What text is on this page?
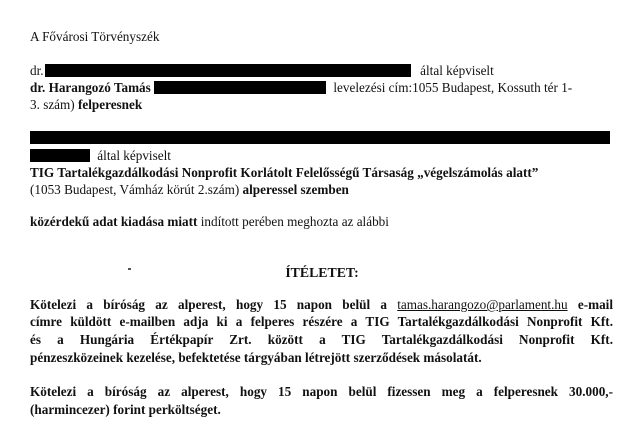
A Fővárosi Törvényszék
dr.	által képviselt
dr. Harangozó Tamás	levelezési cím:1055 Budapest, Kossuth tér 1-
3. szám) felperesnek
által képviselt
TIG Tartalékgazdálkodási Nonprofit Korlátolt Felelősségű Társaság „végelszámolás alatt”
(1053 Budapest, Vámház körút 2.szám) alperessel szemben
közérdekű adat kiadása miatt indított perében meghozta az alábbi
ÍTÉLETET:
Kötelezi a bíróság az alperest, hogy 15 napon belül a tamas.harangozo@parlament.hu e-mail
címre küldött e-mailben adja ki a felperes részére a TIG Tartalékgazdálkodási Nonprofit Kft.
és a Hungária Értékpapír Zrt. között a TIG Tartalékgazdálkodási Nonprofit Kft.
pénzeszközeinek kezelése, befektetése tárgyában létrejött szerződések másolatát.
Kötelezi a bíróság az alperest, hogy 15 napon belül fizessen meg a felperesnek 30.000,-
(harmincezer) forint perköltséget.
